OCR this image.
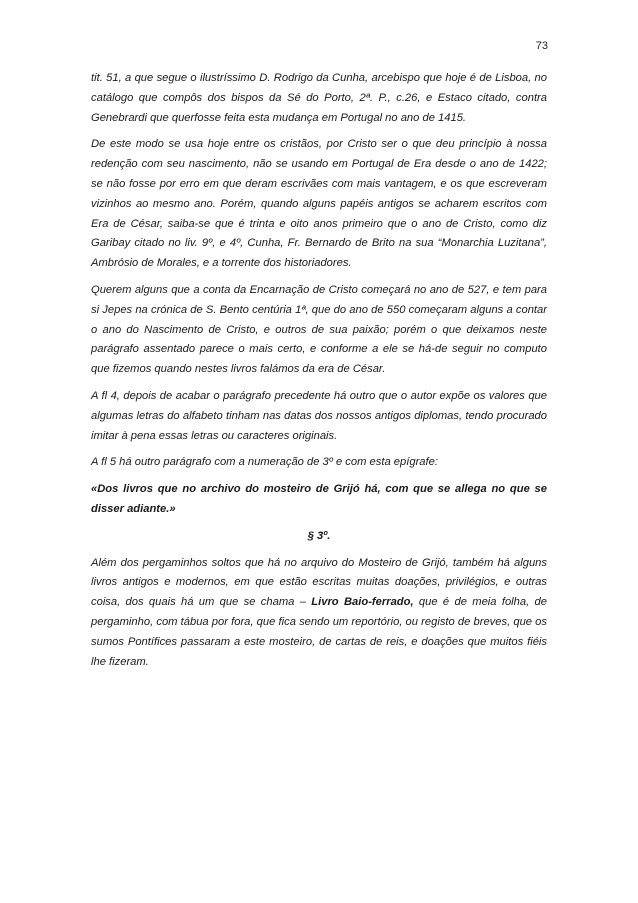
73

tit. 51, a que segue o ilustríssimo D. Rodrigo da Cunha, arcebispo que hoje é de Lisboa, no catálogo que compôs dos bispos da Sé do Porto, 2ª. P., c.26, e Estaco citado, contra Genebrardi que querfosse feita esta mudança em Portugal no ano de 1415.

De este modo se usa hoje entre os cristãos, por Cristo ser o que deu princípio à nossa redenção com seu nascimento, não se usando em Portugal de Era desde o ano de 1422; se não fosse por erro em que deram escrivães com mais vantagem, e os que escreveram vizinhos ao mesmo ano. Porém, quando alguns papéis antigos se acharem escritos com Era de César, saiba-se que é trinta e oito anos primeiro que o ano de Cristo, como diz Garibay citado no liv. 9º, e 4º, Cunha, Fr. Bernardo de Brito na sua “Monarchia Luzitana”, Ambrósio de Morales, e a torrente dos historiadores.

Querem alguns que a conta da Encarnação de Cristo começará no ano de 527, e tem para si Jepes na crónica de S. Bento centúria 1ª, que do ano de 550 começaram alguns a contar o ano do Nascimento de Cristo, e outros de sua paixão; porém o que deixamos neste parágrafo assentado parece o mais certo, e conforme a ele se há-de seguir no computo que fizemos quando nestes livros falámos da era de César.

A fl 4, depois de acabar o parágrafo precedente há outro que o autor expõe os valores que algumas letras do alfabeto tinham nas datas dos nossos antigos diplomas, tendo procurado imitar à pena essas letras ou caracteres originais.

A fl 5 há outro parágrafo com a numeração de 3º e com esta epígrafe:

«Dos livros que no archivo do mosteiro de Grijó há, com que se allega no que se disser adiante.»

§ 3º.

Além dos pergaminhos soltos que há no arquivo do Mosteiro de Grijó, também há alguns livros antigos e modernos, em que estão escritas muitas doações, privilégios, e outras coisa, dos quais há um que se chama – Livro Baio-ferrado, que é de meia folha, de pergaminho, com tábua por fora, que fica sendo um reportório, ou registo de breves, que os sumos Pontífices passaram a este mosteiro, de cartas de reis, e doações que muitos fiéis lhe fizeram.
